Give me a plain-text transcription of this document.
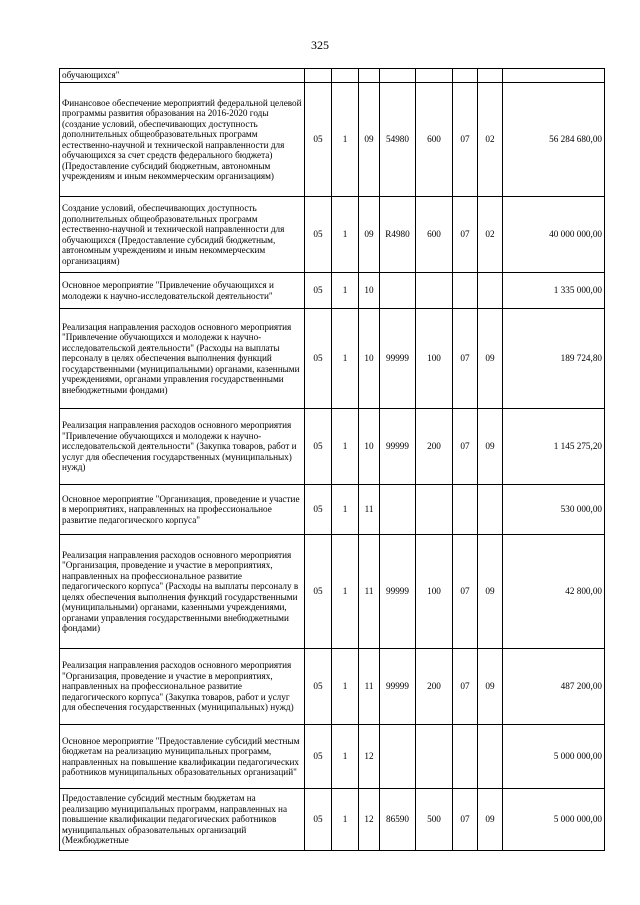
325
обучающихся"								
Финансовое обеспечение мероприятий федеральной целевой программы развития образования на 2016-2020 годы (создание условий, обеспечивающих доступность дополнительных общеобразовательных программ естественно-научной и технической направленности для обучающихся за счет средств федерального бюджета) (Предоставление субсидий бюджетным, автономным учреждениям и иным некоммерческим организациям)	05	1	09	54980	600	07	02	56 284 680,00
Создание условий, обеспечивающих доступность дополнительных общеобразовательных программ естественно-научной и технической направленности для обучающихся (Предоставление субсидий бюджетным, автономным учреждениям и иным некоммерческим организациям)	05	1	09	R4980	600	07	02	40 000 000,00
Основное мероприятие "Привлечение обучающихся и молодежи к научно-исследовательской деятельности"	05	1	10					1 335 000,00
Реализация направления расходов основного мероприятия "Привлечение обучающихся и молодежи к научно-исследовательской деятельности" (Расходы на выплаты персоналу в целях обеспечения выполнения функций государственными (муниципальными) органами, казенными учреждениями, органами управления государственными внебюджетными фондами)	05	1	10	99999	100	07	09	189 724,80
Реализация направления расходов основного мероприятия "Привлечение обучающихся и молодежи к научно-исследовательской деятельности" (Закупка товаров, работ и услуг для обеспечения государственных (муниципальных) нужд)	05	1	10	99999	200	07	09	1 145 275,20
Основное мероприятие "Организация, проведение и участие в мероприятиях, направленных на профессиональное развитие педагогического корпуса"	05	1	11					530 000,00
Реализация направления расходов основного мероприятия "Организация, проведение и участие в мероприятиях, направленных на профессиональное развитие педагогического корпуса" (Расходы на выплаты персоналу в целях обеспечения выполнения функций государственными (муниципальными) органами, казенными учреждениями, органами управления государственными внебюджетными фондами)	05	1	11	99999	100	07	09	42 800,00
Реализация направления расходов основного мероприятия "Организация, проведение и участие в мероприятиях, направленных на профессиональное развитие педагогического корпуса" (Закупка товаров, работ и услуг для обеспечения государственных (муниципальных) нужд)	05	1	11	99999	200	07	09	487 200,00
Основное мероприятие "Предоставление субсидий местным бюджетам на реализацию муниципальных программ, направленных на повышение квалификации педагогических работников муниципальных образовательных организаций"	05	1	12					5 000 000,00
Предоставление субсидий местным бюджетам на реализацию муниципальных программ, направленных на повышение квалификации педагогических работников муниципальных образовательных организаций (Межбюджетные	05	1	12	86590	500	07	09	5 000 000,00
